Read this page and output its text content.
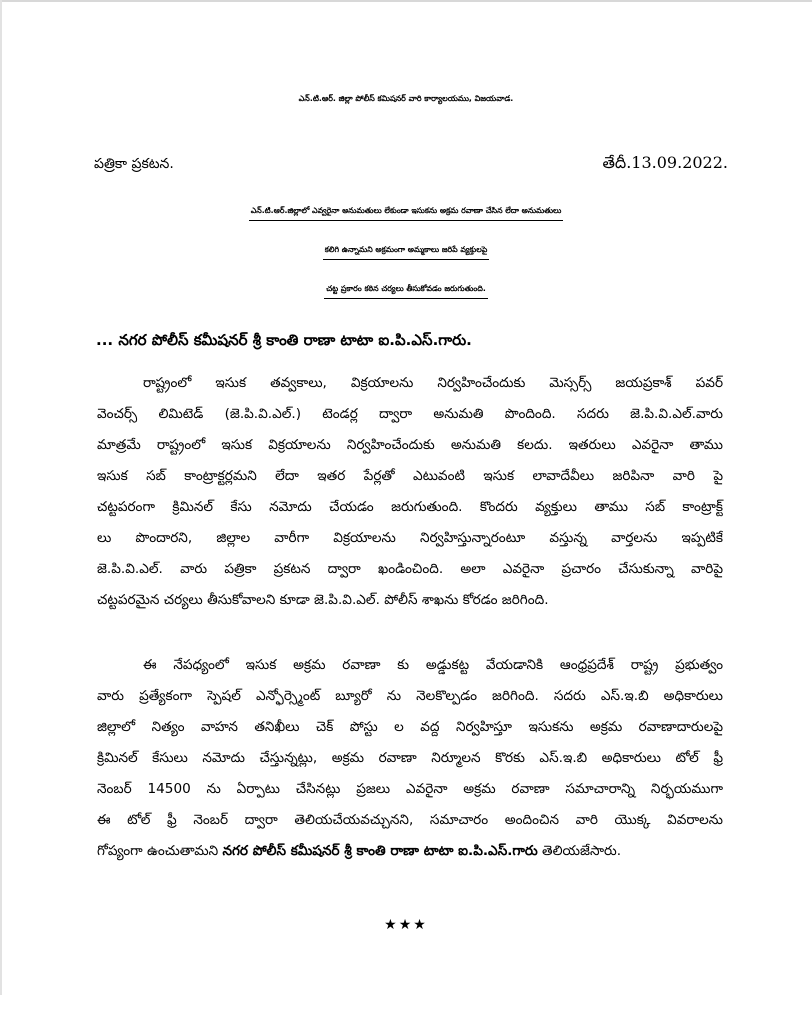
ఎన్.టి.ఆర్. జిల్లా పోలీస్ కమిషనర్ వారి కార్యాలయము, విజయవాడ.
పత్రికా ప్రకటన.	తేదీ.13.09.2022.
ఎన్.టి.ఆర్.జిల్లాలో ఎవ్వరైనా అనుమతులు లేకుండా ఇసుకను అక్రమ రవాణా చేసిన లేదా అనుమతులు
కలిగి ఉన్నామని అక్రమంగా అమ్మకాలు జరిపే వ్యక్తులపై
చట్ట ప్రకారం కఠిన చర్యలు తీసుకోవడం జరుగుతుంది.
... నగర పోలీస్ కమీషనర్ శ్రీ కాంతి రాణా టాటా ఐ.పి.ఎస్.గారు.
రాష్ట్రంలో ఇసుక తవ్వకాలు, విక్రయాలను నిర్వహించేందుకు మెస్సర్స్ జయప్రకాశ్ పవర్
వెంచర్స్ లిమిటెడ్ (జె.పి.వి.ఎల్.) టెండర్ల ద్వారా అనుమతి పొందింది. సదరు జె.పి.వి.ఎల్.వారు
మాత్రమే రాష్ట్రంలో ఇసుక విక్రయాలను నిర్వహించేందుకు అనుమతి కలదు. ఇతరులు ఎవరైనా తాము
ఇసుక సబ్ కాంట్రాక్టర్లమని లేదా ఇతర పేర్లతో ఎటువంటి ఇసుక లావాదేవీలు జరిపినా వారి పై
చట్టపరంగా క్రిమినల్ కేసు నమోదు చేయడం జరుగుతుంది. కొందరు వ్యక్తులు తాము సబ్ కాంట్రాక్ట్
లు పొందారని, జిల్లాల వారీగా విక్రయాలను నిర్వహిస్తున్నారంటూ వస్తున్న వార్తలను ఇప్పటికే
జె.పి.వి.ఎల్. వారు పత్రికా ప్రకటన ద్వారా ఖండించింది. అలా ఎవరైనా ప్రచారం చేసుకున్నా వారిపై
చట్టపరమైన చర్యలు తీసుకోవాలని కూడా జె.పి.వి.ఎల్. పోలీస్ శాఖను కోరడం జరిగింది.
ఈ నేపధ్యంలో ఇసుక అక్రమ రవాణా కు అడ్డుకట్ట వేయడానికి ఆంధ్రప్రదేశ్ రాష్ట్ర ప్రభుత్వం
వారు ప్రత్యేకంగా స్పెషల్ ఎన్ఫోర్స్మెంట్ బ్యూరో ను నెలకొల్పడం జరిగింది. సదరు ఎస్.ఇ.బి అధికారులు
జిల్లాలో నిత్యం వాహన తనిఖీలు చెక్ పోస్టు ల వద్ద నిర్వహిస్తూ ఇసుకను అక్రమ రవాణాదారులపై
క్రిమినల్ కేసులు నమోదు చేస్తున్నట్లు, అక్రమ రవాణా నిర్మూలన కొరకు ఎస్.ఇ.బి అధికారులు టోల్ ఫ్రీ
నెంబర్ 14500 ను ఏర్పాటు చేసినట్లు ప్రజలు ఎవరైనా అక్రమ రవాణా సమాచారాన్ని నిర్భయముగా
ఈ టోల్ ఫ్రీ నెంబర్ ద్వారా తెలియచేయవచ్చునని, సమాచారం అందించిన వారి యొక్క వివరాలను
గోప్యంగా ఉంచుతామని నగర పోలీస్ కమీషనర్ శ్రీ కాంతి రాణా టాటా ఐ.పి.ఎస్.గారు తెలియజేసారు.
★★★
